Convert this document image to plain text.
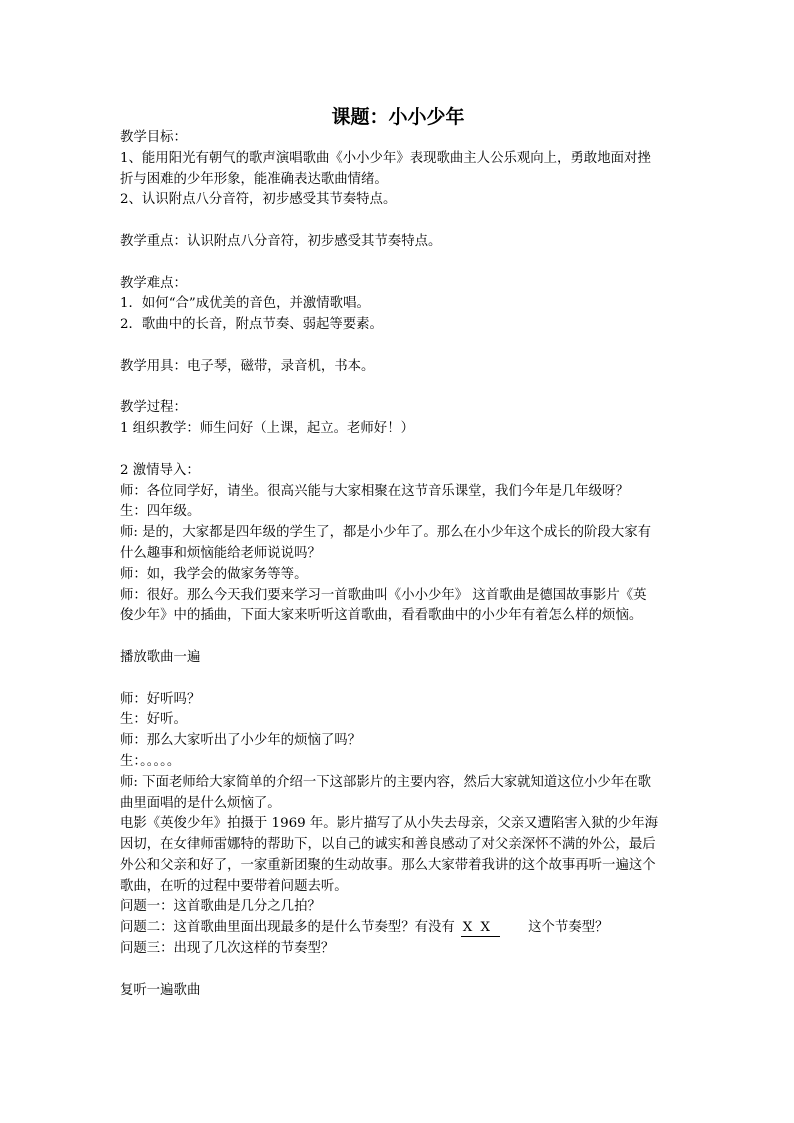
课题：小小少年
教学目标：
1、能用阳光有朝气的歌声演唱歌曲《小小少年》表现歌曲主人公乐观向上，勇敢地面对挫
折与困难的少年形象，能准确表达歌曲情绪。
2、认识附点八分音符，初步感受其节奏特点。
教学重点：认识附点八分音符，初步感受其节奏特点。
教学难点：
1．如何“合”成优美的音色，并激情歌唱。
2．歌曲中的长音，附点节奏、弱起等要素。
教学用具：电子琴，磁带，录音机，书本。
教学过程：
1 组织教学：师生问好（上课，起立。老师好！）
2 激情导入：
师：各位同学好，请坐。很高兴能与大家相聚在这节音乐课堂，我们今年是几年级呀？
生：四年级。
师: 是的，大家都是四年级的学生了，都是小少年了。那么在小少年这个成长的阶段大家有
什么趣事和烦恼能给老师说说吗？
师：如，我学会的做家务等等。
师：很好。那么今天我们要来学习一首歌曲叫《小小少年》 这首歌曲是德国故事影片《英
俊少年》中的插曲，下面大家来听听这首歌曲，看看歌曲中的小少年有着怎么样的烦恼。
播放歌曲一遍
师：好听吗？
生：好听。
师：那么大家听出了小少年的烦恼了吗？
生：。。。。。
师: 下面老师给大家简单的介绍一下这部影片的主要内容，然后大家就知道这位小少年在歌
曲里面唱的是什么烦恼了。
电影《英俊少年》拍摄于 1969 年。影片描写了从小失去母亲，父亲又遭陷害入狱的少年海
因切，在女律师雷娜特的帮助下，以自己的诚实和善良感动了对父亲深怀不满的外公，最后
外公和父亲和好了，一家重新团聚的生动故事。那么大家带着我讲的这个故事再听一遍这个
歌曲，在听的过程中要带着问题去听。
问题一：这首歌曲是几分之几拍？
问题二：这首歌曲里面出现最多的是什么节奏型？有没有 X X	这个节奏型？
问题三：出现了几次这样的节奏型？
复听一遍歌曲
